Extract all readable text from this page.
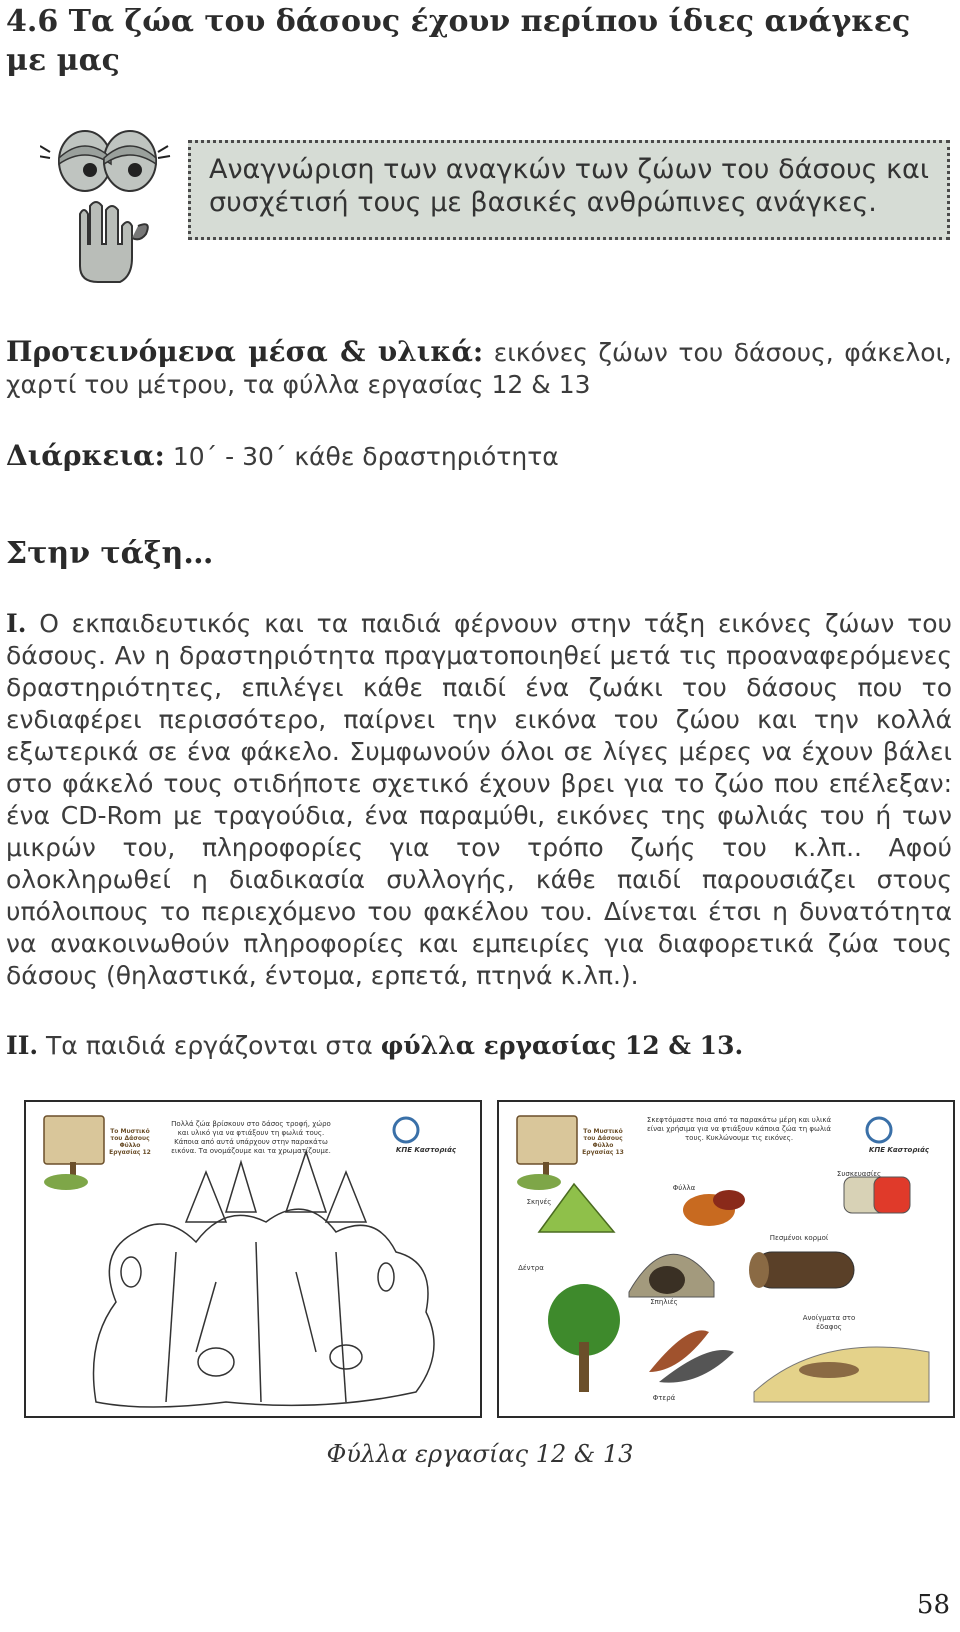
4.6 Τα ζώα του δάσους έχουν περίπου ίδιες ανάγκες με μας
Αναγνώριση των αναγκών των ζώων του δάσους και συσχέτισή τους με βασικές ανθρώπινες ανάγκες.
Προτεινόμενα μέσα & υλικά: εικόνες ζώων του δάσους, φάκελοι, χαρτί του μέτρου, τα φύλλα εργασίας 12 & 13
Διάρκεια: 10΄ - 30΄ κάθε δραστηριότητα
Στην τάξη…
Ι. Ο εκπαιδευτικός και τα παιδιά φέρνουν στην τάξη εικόνες ζώων του δάσους. Αν η δραστηριότητα πραγματοποιηθεί μετά τις προαναφερόμενες δραστηριότητες, επιλέγει κάθε παιδί ένα ζωάκι του δάσους που το ενδιαφέρει περισσότερο, παίρνει την εικόνα του ζώου και την κολλά εξωτερικά σε ένα φάκελο. Συμφωνούν όλοι σε λίγες μέρες να έχουν βάλει στο φάκελό τους οτιδήποτε σχετικό έχουν βρει για το ζώο που επέλεξαν: ένα CD-Rom με τραγούδια, ένα παραμύθι, εικόνες της φωλιάς του ή των μικρών του, πληροφορίες για τον τρόπο ζωής του κ.λπ.. Αφού ολοκληρωθεί η διαδικασία συλλογής, κάθε παιδί παρουσιάζει στους υπόλοιπους το περιεχόμενο του φακέλου του. Δίνεται έτσι η δυνατότητα να ανακοινωθούν πληροφορίες και εμπειρίες για διαφορετικά ζώα τους δάσους (θηλαστικά, έντομα, ερπετά, πτηνά κ.λπ.).
ΙΙ. Τα παιδιά εργάζονται στα φύλλα εργασίας 12 & 13.
Το Μυστικό του Δάσους Φύλλο Εργασίας 12
Πολλά ζώα βρίσκουν στο δάσος τροφή, χώρο και υλικό για να φτιάξουν τη φωλιά τους. Κάποια από αυτά υπάρχουν στην παρακάτω εικόνα. Τα ονομάζουμε και τα χρωματίζουμε.	ΚΠΕ Καστοριάς
Το Μυστικό του Δάσους Φύλλο Εργασίας 13
Σκεφτόμαστε ποια από τα παρακάτω μέρη και υλικά είναι χρήσιμα για να φτιάξουν κάποια ζώα τη φωλιά τους. Κυκλώνουμε τις εικόνες.
ΚΠΕ Καστοριάς
Σκηνές
Φύλλα
Συσκευασίες
Πεσμένοι κορμοί
Δέντρα
Σπηλιές
Ανοίγματα στο έδαφος
Φτερά
Φύλλα εργασίας 12 & 13
58
